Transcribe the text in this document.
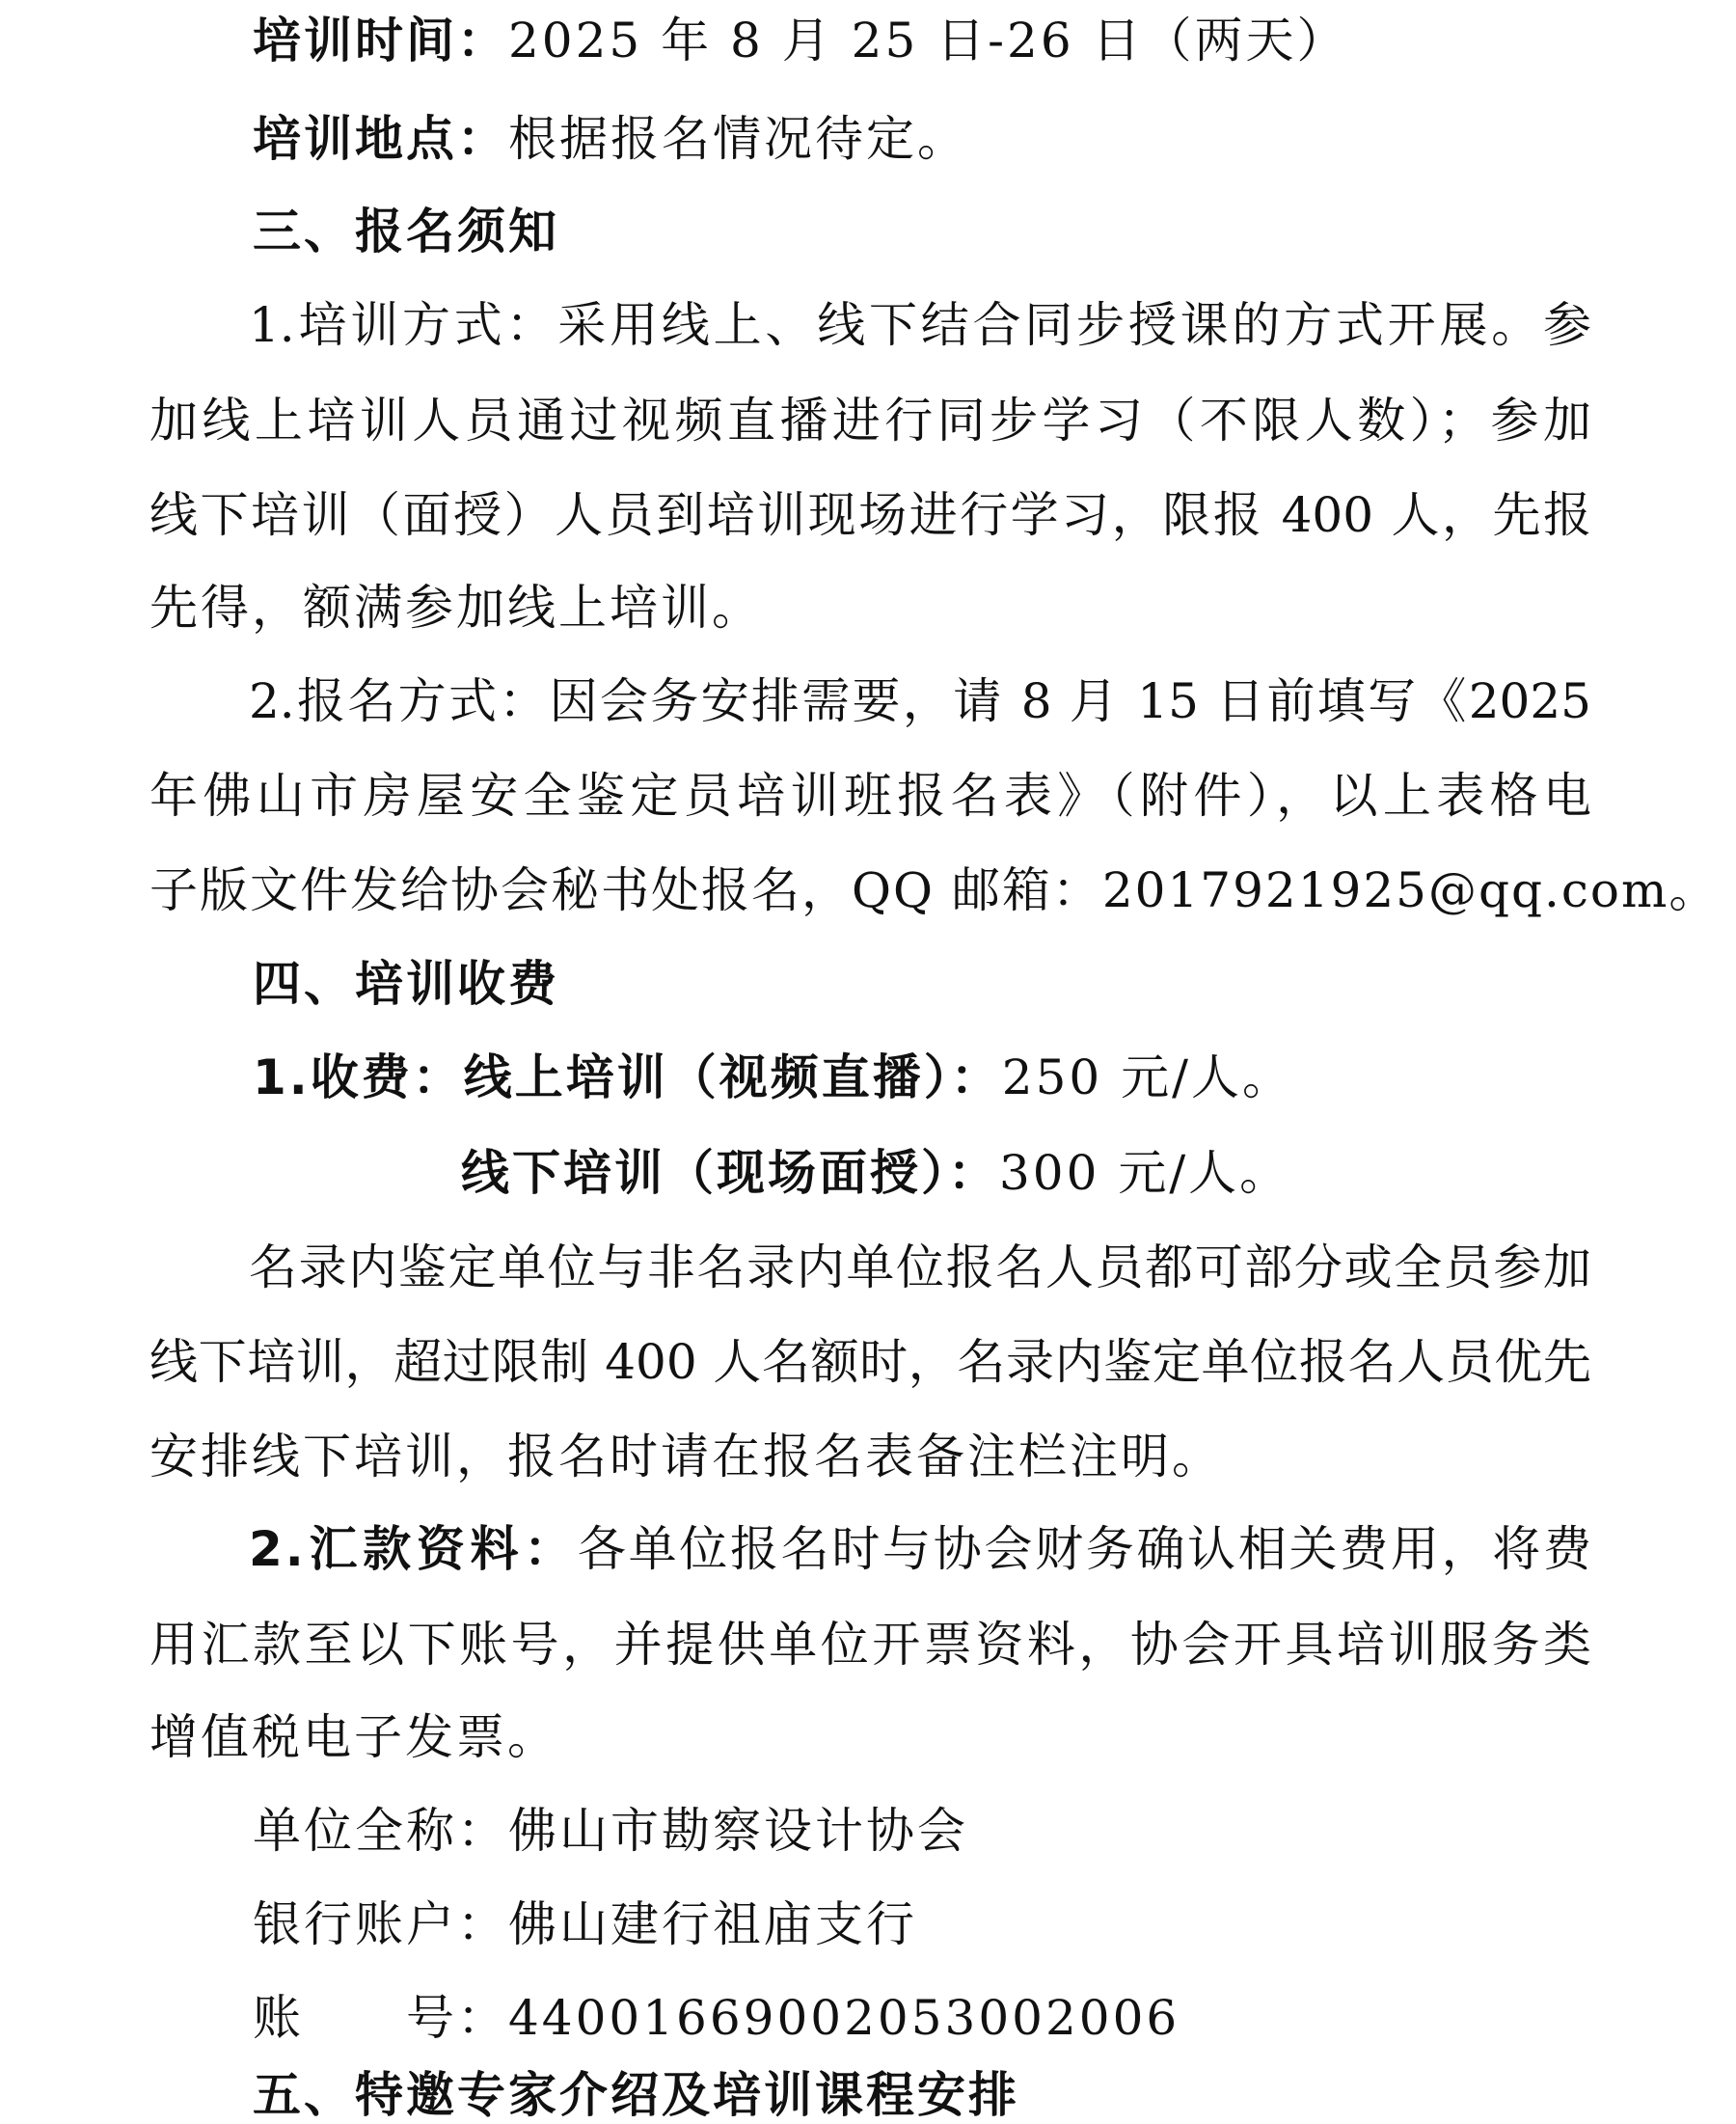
培训时间：2025 年 8 月 25 日-26 日（两天）
培训地点：根据报名情况待定。
三、报名须知
1.培训方式：采用线上、线下结合同步授课的方式开展。参
加线上培训人员通过视频直播进行同步学习（不限人数）；参加
线下培训（面授）人员到培训现场进行学习，限报 400 人，先报
先得，额满参加线上培训。
2.报名方式：因会务安排需要，请 8 月 15 日前填写《2025
年佛山市房屋安全鉴定员培训班报名表》（附件），以上表格电
子版文件发给协会秘书处报名，QQ 邮箱：2017921925@qq.com。
四、培训收费
1.收费：线上培训（视频直播）：250 元/人。
线下培训（现场面授）：300 元/人。
名录内鉴定单位与非名录内单位报名人员都可部分或全员参加
线下培训，超过限制 400 人名额时，名录内鉴定单位报名人员优先
安排线下培训，报名时请在报名表备注栏注明。
2.汇款资料：各单位报名时与协会财务确认相关费用，将费
用汇款至以下账号，并提供单位开票资料，协会开具培训服务类
增值税电子发票。
单位全称：佛山市勘察设计协会
银行账户：佛山建行祖庙支行
账　　号：44001669002053002006
五、特邀专家介绍及培训课程安排
